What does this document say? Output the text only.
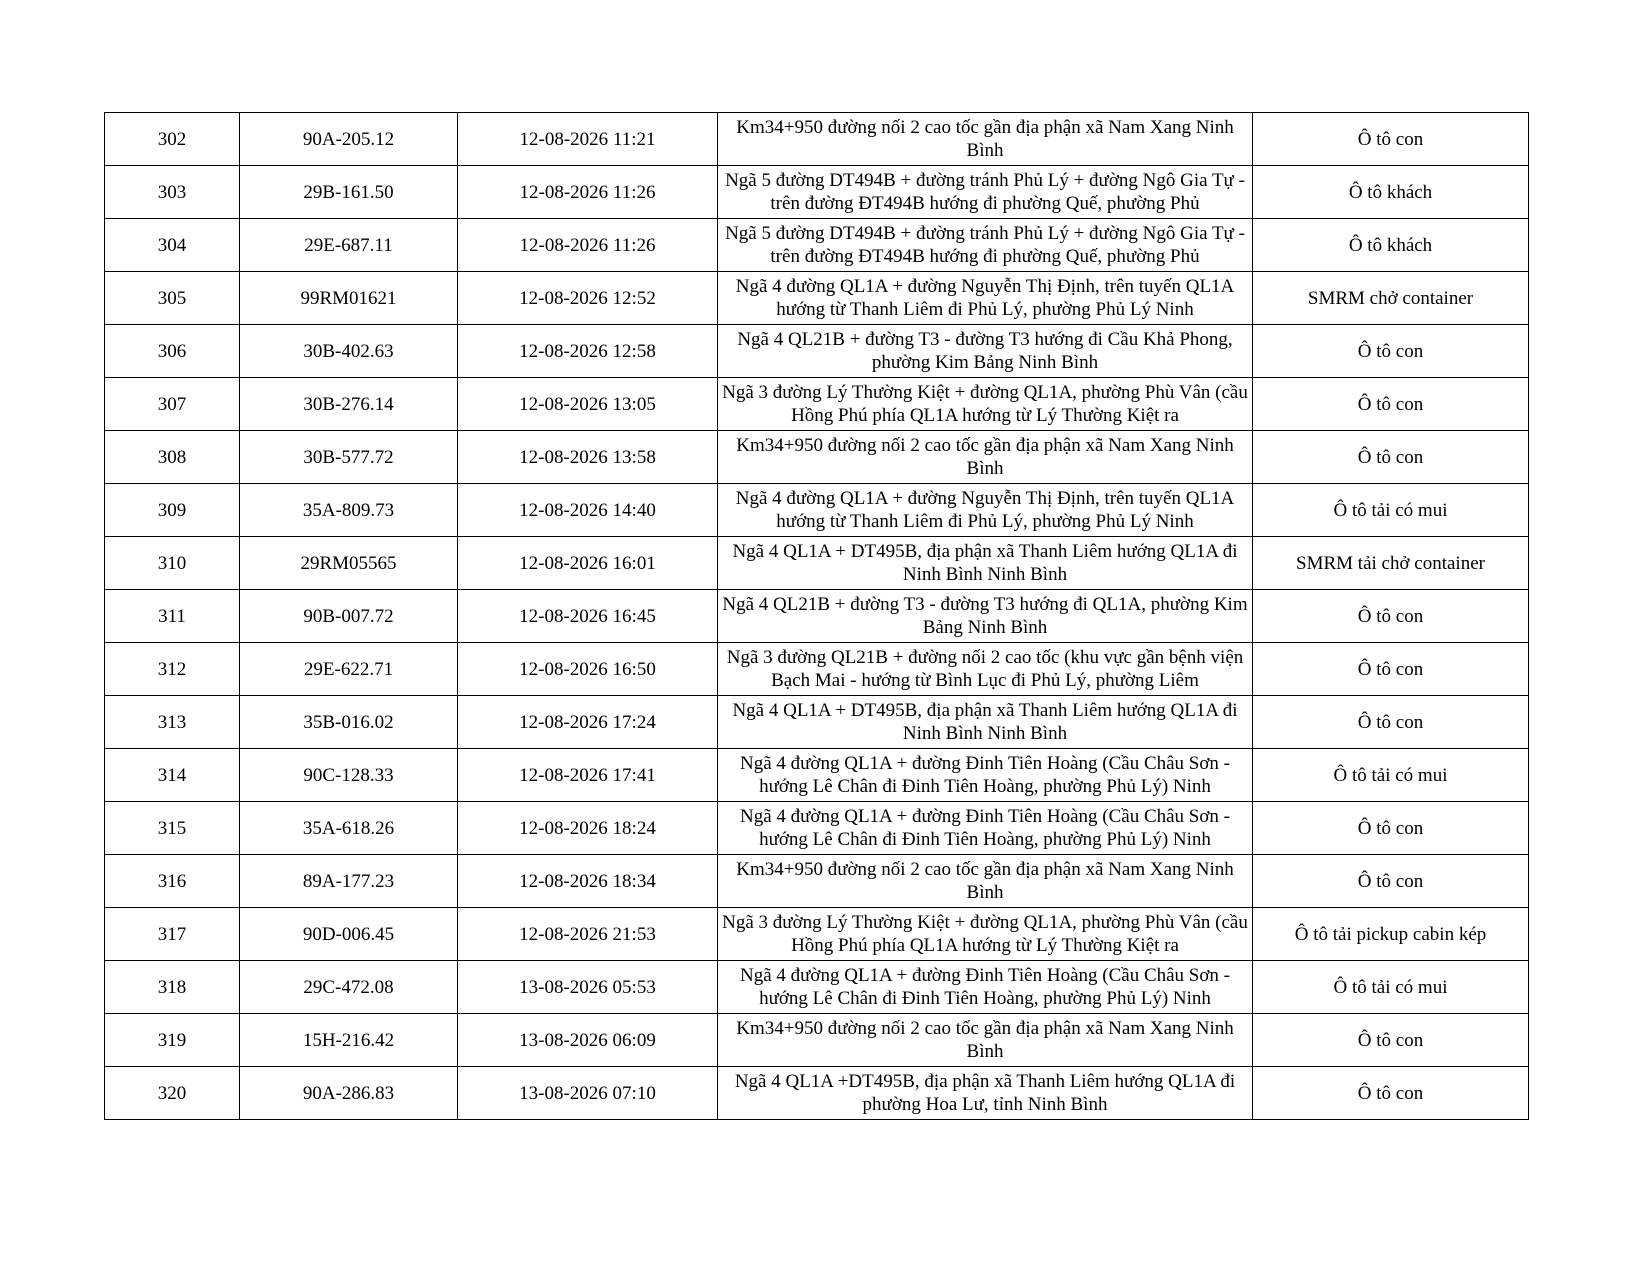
302	90A-205.12	12-08-2026 11:21	Km34+950 đường nối 2 cao tốc gần địa phận xã Nam Xang Ninh Bình	Ô tô con
303	29B-161.50	12-08-2026 11:26	Ngã 5 đường DT494B + đường tránh Phủ Lý + đường Ngô Gia Tự - trên đường ĐT494B hướng đi phường Quế, phường Phủ	Ô tô khách
304	29E-687.11	12-08-2026 11:26	Ngã 5 đường DT494B + đường tránh Phủ Lý + đường Ngô Gia Tự - trên đường ĐT494B hướng đi phường Quế, phường Phủ	Ô tô khách
305	99RM01621	12-08-2026 12:52	Ngã 4 đường QL1A + đường Nguyễn Thị Định, trên tuyến QL1A hướng từ Thanh Liêm đi Phủ Lý, phường Phủ Lý Ninh	SMRM chở container
306	30B-402.63	12-08-2026 12:58	Ngã 4 QL21B + đường T3 - đường T3 hướng đi Cầu Khả Phong, phường Kim Bảng Ninh Bình	Ô tô con
307	30B-276.14	12-08-2026 13:05	Ngã 3 đường Lý Thường Kiệt + đường QL1A, phường Phù Vân (cầu Hồng Phú phía QL1A hướng từ Lý Thường Kiệt ra	Ô tô con
308	30B-577.72	12-08-2026 13:58	Km34+950 đường nối 2 cao tốc gần địa phận xã Nam Xang Ninh Bình	Ô tô con
309	35A-809.73	12-08-2026 14:40	Ngã 4 đường QL1A + đường Nguyễn Thị Định, trên tuyến QL1A hướng từ Thanh Liêm đi Phủ Lý, phường Phủ Lý Ninh	Ô tô tải có mui
310	29RM05565	12-08-2026 16:01	Ngã 4 QL1A + DT495B, địa phận xã Thanh Liêm hướng QL1A đi Ninh Bình Ninh Bình	SMRM tải chở container
311	90B-007.72	12-08-2026 16:45	Ngã 4 QL21B + đường T3 - đường T3 hướng đi QL1A, phường Kim Bảng Ninh Bình	Ô tô con
312	29E-622.71	12-08-2026 16:50	Ngã 3 đường QL21B + đường nối 2 cao tốc (khu vực gần bệnh viện Bạch Mai - hướng từ Bình Lục đi Phủ Lý, phường Liêm	Ô tô con
313	35B-016.02	12-08-2026 17:24	Ngã 4 QL1A + DT495B, địa phận xã Thanh Liêm hướng QL1A đi Ninh Bình Ninh Bình	Ô tô con
314	90C-128.33	12-08-2026 17:41	Ngã 4 đường QL1A + đường Đinh Tiên Hoàng (Cầu Châu Sơn - hướng Lê Chân đi Đinh Tiên Hoàng, phường Phủ Lý) Ninh	Ô tô tải có mui
315	35A-618.26	12-08-2026 18:24	Ngã 4 đường QL1A + đường Đinh Tiên Hoàng (Cầu Châu Sơn - hướng Lê Chân đi Đinh Tiên Hoàng, phường Phủ Lý) Ninh	Ô tô con
316	89A-177.23	12-08-2026 18:34	Km34+950 đường nối 2 cao tốc gần địa phận xã Nam Xang Ninh Bình	Ô tô con
317	90D-006.45	12-08-2026 21:53	Ngã 3 đường Lý Thường Kiệt + đường QL1A, phường Phù Vân (cầu Hồng Phú phía QL1A hướng từ Lý Thường Kiệt ra	Ô tô tải pickup cabin kép
318	29C-472.08	13-08-2026 05:53	Ngã 4 đường QL1A + đường Đinh Tiên Hoàng (Cầu Châu Sơn - hướng Lê Chân đi Đinh Tiên Hoàng, phường Phủ Lý) Ninh	Ô tô tải có mui
319	15H-216.42	13-08-2026 06:09	Km34+950 đường nối 2 cao tốc gần địa phận xã Nam Xang Ninh Bình	Ô tô con
320	90A-286.83	13-08-2026 07:10	Ngã 4 QL1A +DT495B, địa phận xã Thanh Liêm hướng QL1A đi phường Hoa Lư, tỉnh Ninh Bình	Ô tô con
